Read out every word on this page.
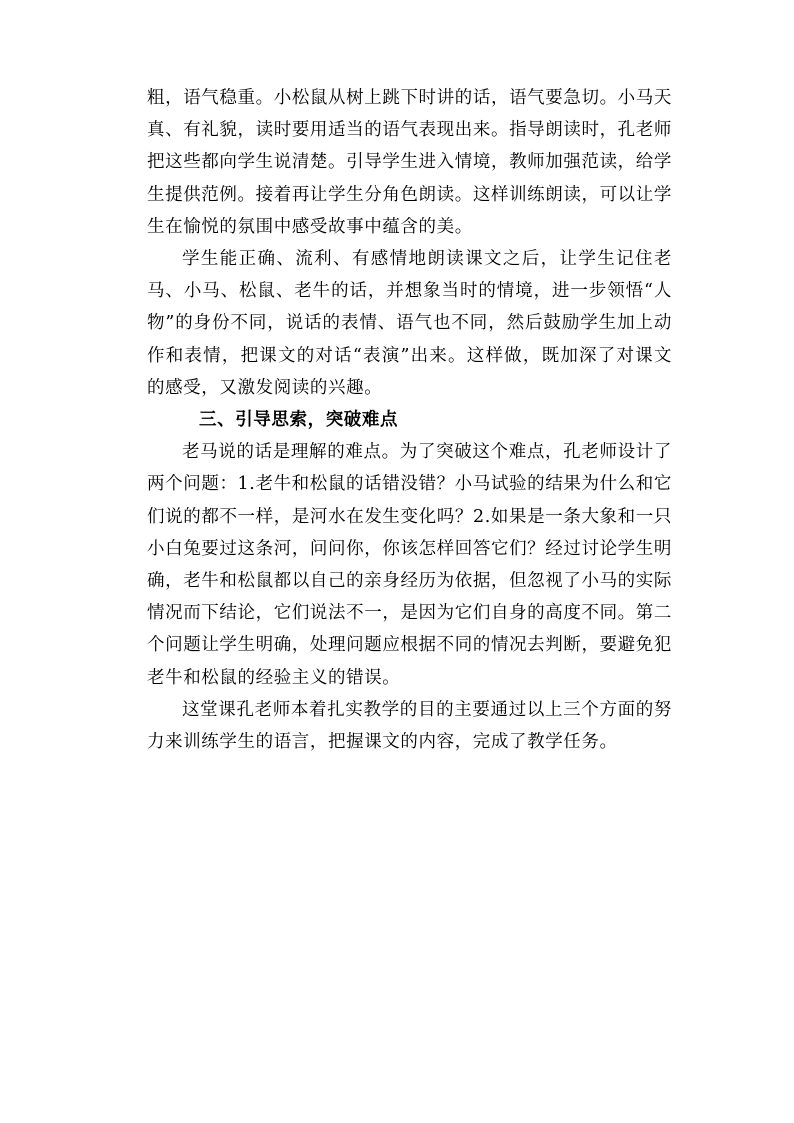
粗，语气稳重。小松鼠从树上跳下时讲的话，语气要急切。小马天真、有礼貌，读时要用适当的语气表现出来。指导朗读时，孔老师把这些都向学生说清楚。引导学生进入情境，教师加强范读，给学生提供范例。接着再让学生分角色朗读。这样训练朗读，可以让学生在愉悦的氛围中感受故事中蕴含的美。

学生能正确、流利、有感情地朗读课文之后，让学生记住老马、小马、松鼠、老牛的话，并想象当时的情境，进一步领悟“人物”的身份不同，说话的表情、语气也不同，然后鼓励学生加上动作和表情，把课文的对话“表演”出来。这样做，既加深了对课文的感受，又激发阅读的兴趣。

三、引导思索，突破难点

老马说的话是理解的难点。为了突破这个难点，孔老师设计了两个问题：1.老牛和松鼠的话错没错？小马试验的结果为什么和它们说的都不一样，是河水在发生变化吗？2.如果是一条大象和一只小白兔要过这条河，问问你，你该怎样回答它们？经过讨论学生明确，老牛和松鼠都以自己的亲身经历为依据，但忽视了小马的实际情况而下结论，它们说法不一，是因为它们自身的高度不同。第二个问题让学生明确，处理问题应根据不同的情况去判断，要避免犯老牛和松鼠的经验主义的错误。

这堂课孔老师本着扎实教学的目的主要通过以上三个方面的努力来训练学生的语言，把握课文的内容，完成了教学任务。
